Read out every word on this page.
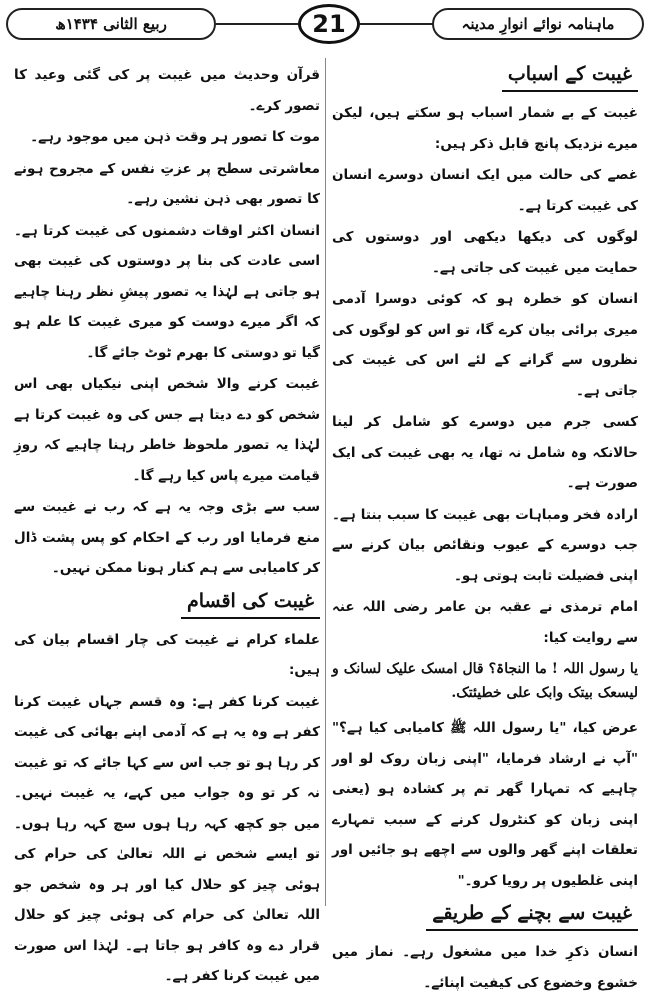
ماہنامہ نوائے انوارِ مدینہ
21
ربیع الثانی ۱۴۳۴ھ
غیبت کے اسباب

غیبت کے بے شمار اسباب ہو سکتے ہیں، لیکن میرے نزدیک پانچ قابل ذکر ہیں:

غصے کی حالت میں ایک انسان دوسرے انسان کی غیبت کرتا ہے۔

لوگوں کی دیکھا دیکھی اور دوستوں کی حمایت میں غیبت کی جاتی ہے۔

انسان کو خطرہ ہو کہ کوئی دوسرا آدمی میری برائی بیان کرے گا، تو اس کو لوگوں کی نظروں سے گرانے کے لئے اس کی غیبت کی جاتی ہے۔

کسی جرم میں دوسرے کو شامل کر لینا حالانکہ وہ شامل نہ تھا، یہ بھی غیبت کی ایک صورت ہے۔

ارادہ فخر ومباہات بھی غیبت کا سبب بنتا ہے۔ جب دوسرے کے عیوب ونقائص بیان کرنے سے اپنی فضیلت ثابت ہوتی ہو۔

امام ترمذی نے عقبہ بن عامر رضی اللہ عنہ سے روایت کیا:

یا رسول اللہ ! ما النجاۃ؟ قال امسک علیک لسانک و لیسعک بیتک وابک علی خطیئتک.

عرض کیا، "یا رسول اللہ ﷺ کامیابی کیا ہے؟" "آپ نے ارشاد فرمایا، "اپنی زبان روک لو اور چاہیے کہ تمہارا گھر تم پر کشادہ ہو (یعنی اپنی زبان کو کنٹرول کرنے کے سبب تمہارے تعلقات اپنے گھر والوں سے اچھے ہو جائیں اور اپنی غلطیوں پر رویا کرو۔"

غیبت سے بچنے کے طریقے

انسان ذکرِ خدا میں مشغول رہے۔ نماز میں خشوع وخضوع کی کیفیت اپنائے۔

قرآن وحدیث میں غیبت پر کی گئی وعید کا تصور کرے۔

موت کا تصور ہر وقت ذہن میں موجود رہے۔

معاشرتی سطح پر عزتِ نفس کے مجروح ہونے کا تصور بھی ذہن نشین رہے۔

انسان اکثر اوقات دشمنوں کی غیبت کرتا ہے۔ اسی عادت کی بنا پر دوستوں کی غیبت بھی ہو جاتی ہے لہٰذا یہ تصور پیشِ نظر رہنا چاہیے کہ اگر میرے دوست کو میری غیبت کا علم ہو گیا تو دوستی کا بھرم ٹوٹ جائے گا۔

غیبت کرنے والا شخص اپنی نیکیاں بھی اس شخص کو دے دیتا ہے جس کی وہ غیبت کرتا ہے لہٰذا یہ تصور ملحوظ خاطر رہنا چاہیے کہ روزِ قیامت میرے پاس کیا رہے گا۔

سب سے بڑی وجہ یہ ہے کہ رب نے غیبت سے منع فرمایا اور رب کے احکام کو پس پشت ڈال کر کامیابی سے ہم کنار ہونا ممکن نہیں۔

غیبت کی اقسام

علماء کرام نے غیبت کی چار اقسام بیان کی ہیں:

غیبت کرنا کفر ہے: وہ قسم جہاں غیبت کرنا کفر ہے وہ یہ ہے کہ آدمی اپنے بھائی کی غیبت کر رہا ہو تو جب اس سے کہا جائے کہ تو غیبت نہ کر تو وہ جواب میں کہے، یہ غیبت نہیں۔ میں جو کچھ کہہ رہا ہوں سچ کہہ رہا ہوں۔ تو ایسے شخص نے اللہ تعالیٰ کی حرام کی ہوئی چیز کو حلال کیا اور ہر وہ شخص جو اللہ تعالیٰ کی حرام کی ہوئی چیز کو حلال قرار دے وہ کافر ہو جاتا ہے۔ لہٰذا اس صورت میں غیبت کرنا کفر ہے۔
